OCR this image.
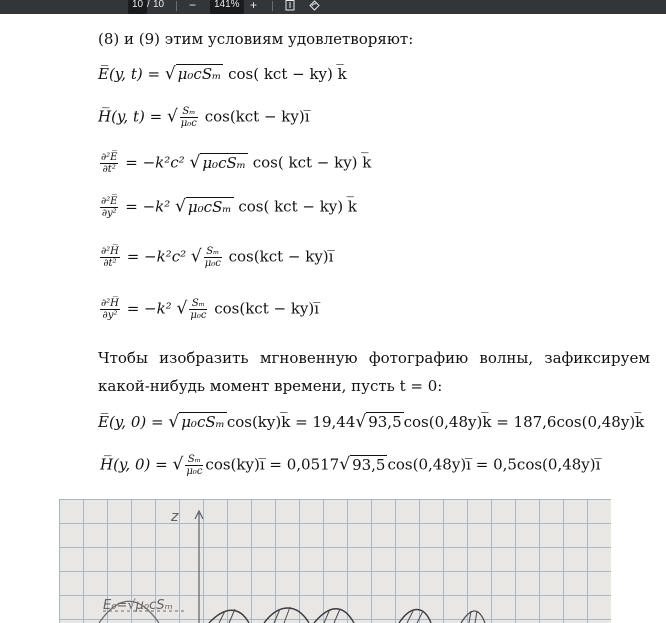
10 / 10 −	141% +
(8) и (9) этим условиям удовлетворяют:
E̅(y, t) = √ μ₀cSₘ cos( kct − ky) k̅
H̅(y, t) = √ $\frac{\text{Sₘ}}{\text{μ₀c}} \cos(kct$ − ky)ı̅
$\frac{\text{∂²E̅}}{\text{∂t²}} = -k^2c^2$ √ μ₀cSₘ cos( kct − ky) k̅
$\frac{\text{∂²E̅}}{\text{∂y²}} = -k^2$ √ μ₀cSₘ cos( kct − ky) k̅
$\frac{\text{∂²H̅}}{\text{∂t²}} = -k^2c^2$ √ $\frac{\text{Sₘ}}{\text{μ₀c}} \cos(kct$ − ky)ı̅
$\frac{\text{∂²H̅}}{\text{∂y²}} = -k^2$ √ $\frac{\text{Sₘ}}{\text{μ₀c}} \cos(kct$ − ky)ı̅
Чтобы изобразить мгновенную фотографию волны, зафиксируем какой-нибудь момент времени, пусть t = 0:
E̅(y, 0) = √ μ₀cSₘ cos(ky)k̅ = 19,44√ 93,5 cos(0,48y)k̅ = 187,6cos(0,48y)k̅
H̅(y, 0) = √ $\frac{\text{Sₘ}}{\text{μ₀c}}$ cos(ky)ı̅ = 0,0517√ 93,5 cos(0,48y)ı̅ = 0,5cos(0,48y)ı̅
z
E₀=√μ₀cSₘ
